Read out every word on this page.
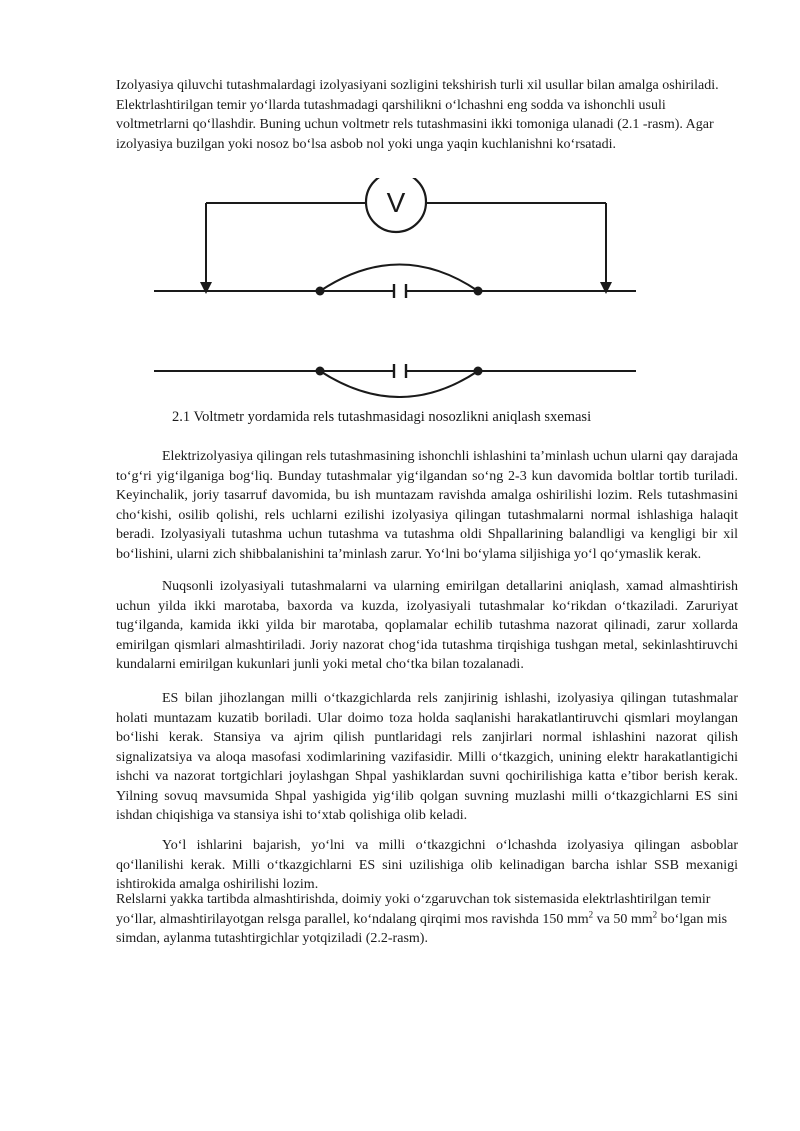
Izolyasiya qiluvchi tutashmalardagi izolyasiyani sozligini tekshirish turli xil usullar bilan amalga oshiriladi. Elektrlashtirilgan temir yo‘llarda tutashmadagi qarshiliknі o‘lchashni eng sodda va ishonchli usuli voltmetrlarni qo‘llashdir. Buning uchun voltmetr rels tutashmasini ikki tomoniga ulanadi (2.1 -rasm). Agar izolyasiya buzilgan yoki nosoz bo‘lsa asbob nol yoki unga yaqin kuchlanishni ko‘rsatadi.

V
2.1 Voltmetr yordamida rels tutashmasidagi nosozlikni aniqlash sxemasi

Elektrizolyasiya qilingan rels tutashmasining ishonchli ishlashini ta’minlash uchun ularni qay darajada to‘g‘ri yig‘ilganiga bog‘liq. Bunday tutashmalar yig‘ilgandan so‘ng 2-3 kun davomida boltlar tortib turiladi. Keyinchalik, joriy tasarruf davomida, bu ish muntazam ravishda amalga oshirilishi lozim. Rels tutashmasini cho‘kishi, osilib qolishi, rels uchlarni ezilishi izolyasiya qilingan tutashmalarni normal ishlashiga halaqit beradi. Izolyasiyali tutashma uchun tutashma va tutashma oldi Shpallarining balandligi va kengligi bir xil bo‘lishini, ularni zich shibbalanishini ta’minlash zarur. Yo‘lni bo‘ylama siljishiga yo‘l qo‘ymaslik kerak.

Nuqsonli izolyasiyali tutashmalarni va ularning emirilgan detallarini aniqlash, xamad almashtirish uchun yilda ikki marotaba, baxorda va kuzda, izolyasiyali tutashmalar ko‘rikdan o‘tkaziladi. Zaruriyat tug‘ilganda, kamida ikki yilda bir marotaba, qoplamalar echilib tutashma nazorat qilinadi, zarur xollarda emirilgan qismlari almashtiriladi. Joriy nazorat chog‘ida tutashma tirqishiga tushgan metal, sekinlashtiruvchi kundalarni emirilgan kukunlari junli yoki metal cho‘tka bilan tozalanadi.

ES bilan jihozlangan milli o‘tkazgichlarda rels zanjirinig ishlashi, izolyasiya qilingan tutashmalar holati muntazam kuzatib boriladi. Ular doimo toza holda saqlanishi harakatlantiruvchi qismlari moylangan bo‘lishi kerak. Stansiya va ajrim qilish puntlaridagi rels zanjirlari normal ishlashini nazorat qilish signalizatsiya va aloqa masofasi xodimlarining vazifasidir. Milli o‘tkazgich, unining elektr harakatlantigichi ishchi va nazorat tortgichlari joylashgan Shpal yashiklardan suvni qochirilishiga katta e’tibor berish kerak. Yilning sovuq mavsumida Shpal yashigida yig‘ilib qolgan suvning muzlashi milli o‘tkazgichlarni ES sini ishdan chiqishiga va stansiya ishi to‘xtab qolishiga olib keladi.

Yo‘l ishlarini bajarish, yo‘lni va milli o‘tkazgichni o‘lchashda izolyasiya qilingan asboblar qo‘llanilishi kerak. Milli o‘tkazgichlarni ES sini uzilishiga olib kelinadigan barcha ishlar SSB mexanigi ishtirokida amalga oshirilishi lozim.

Relslarni yakka tartibda almashtirishda, doimiy yoki o‘zgaruvchan tok sistemasida elektrlashtirilgan temir yo‘llar, almashtirilayotgan relsga parallel, ko‘ndalang qirqimi mos ravishda 150 $mm^2$ va 50 $mm^2$ bo‘lgan mis simdan, aylanma tutashtirgichlar yotqiziladi (2.2-rasm).
